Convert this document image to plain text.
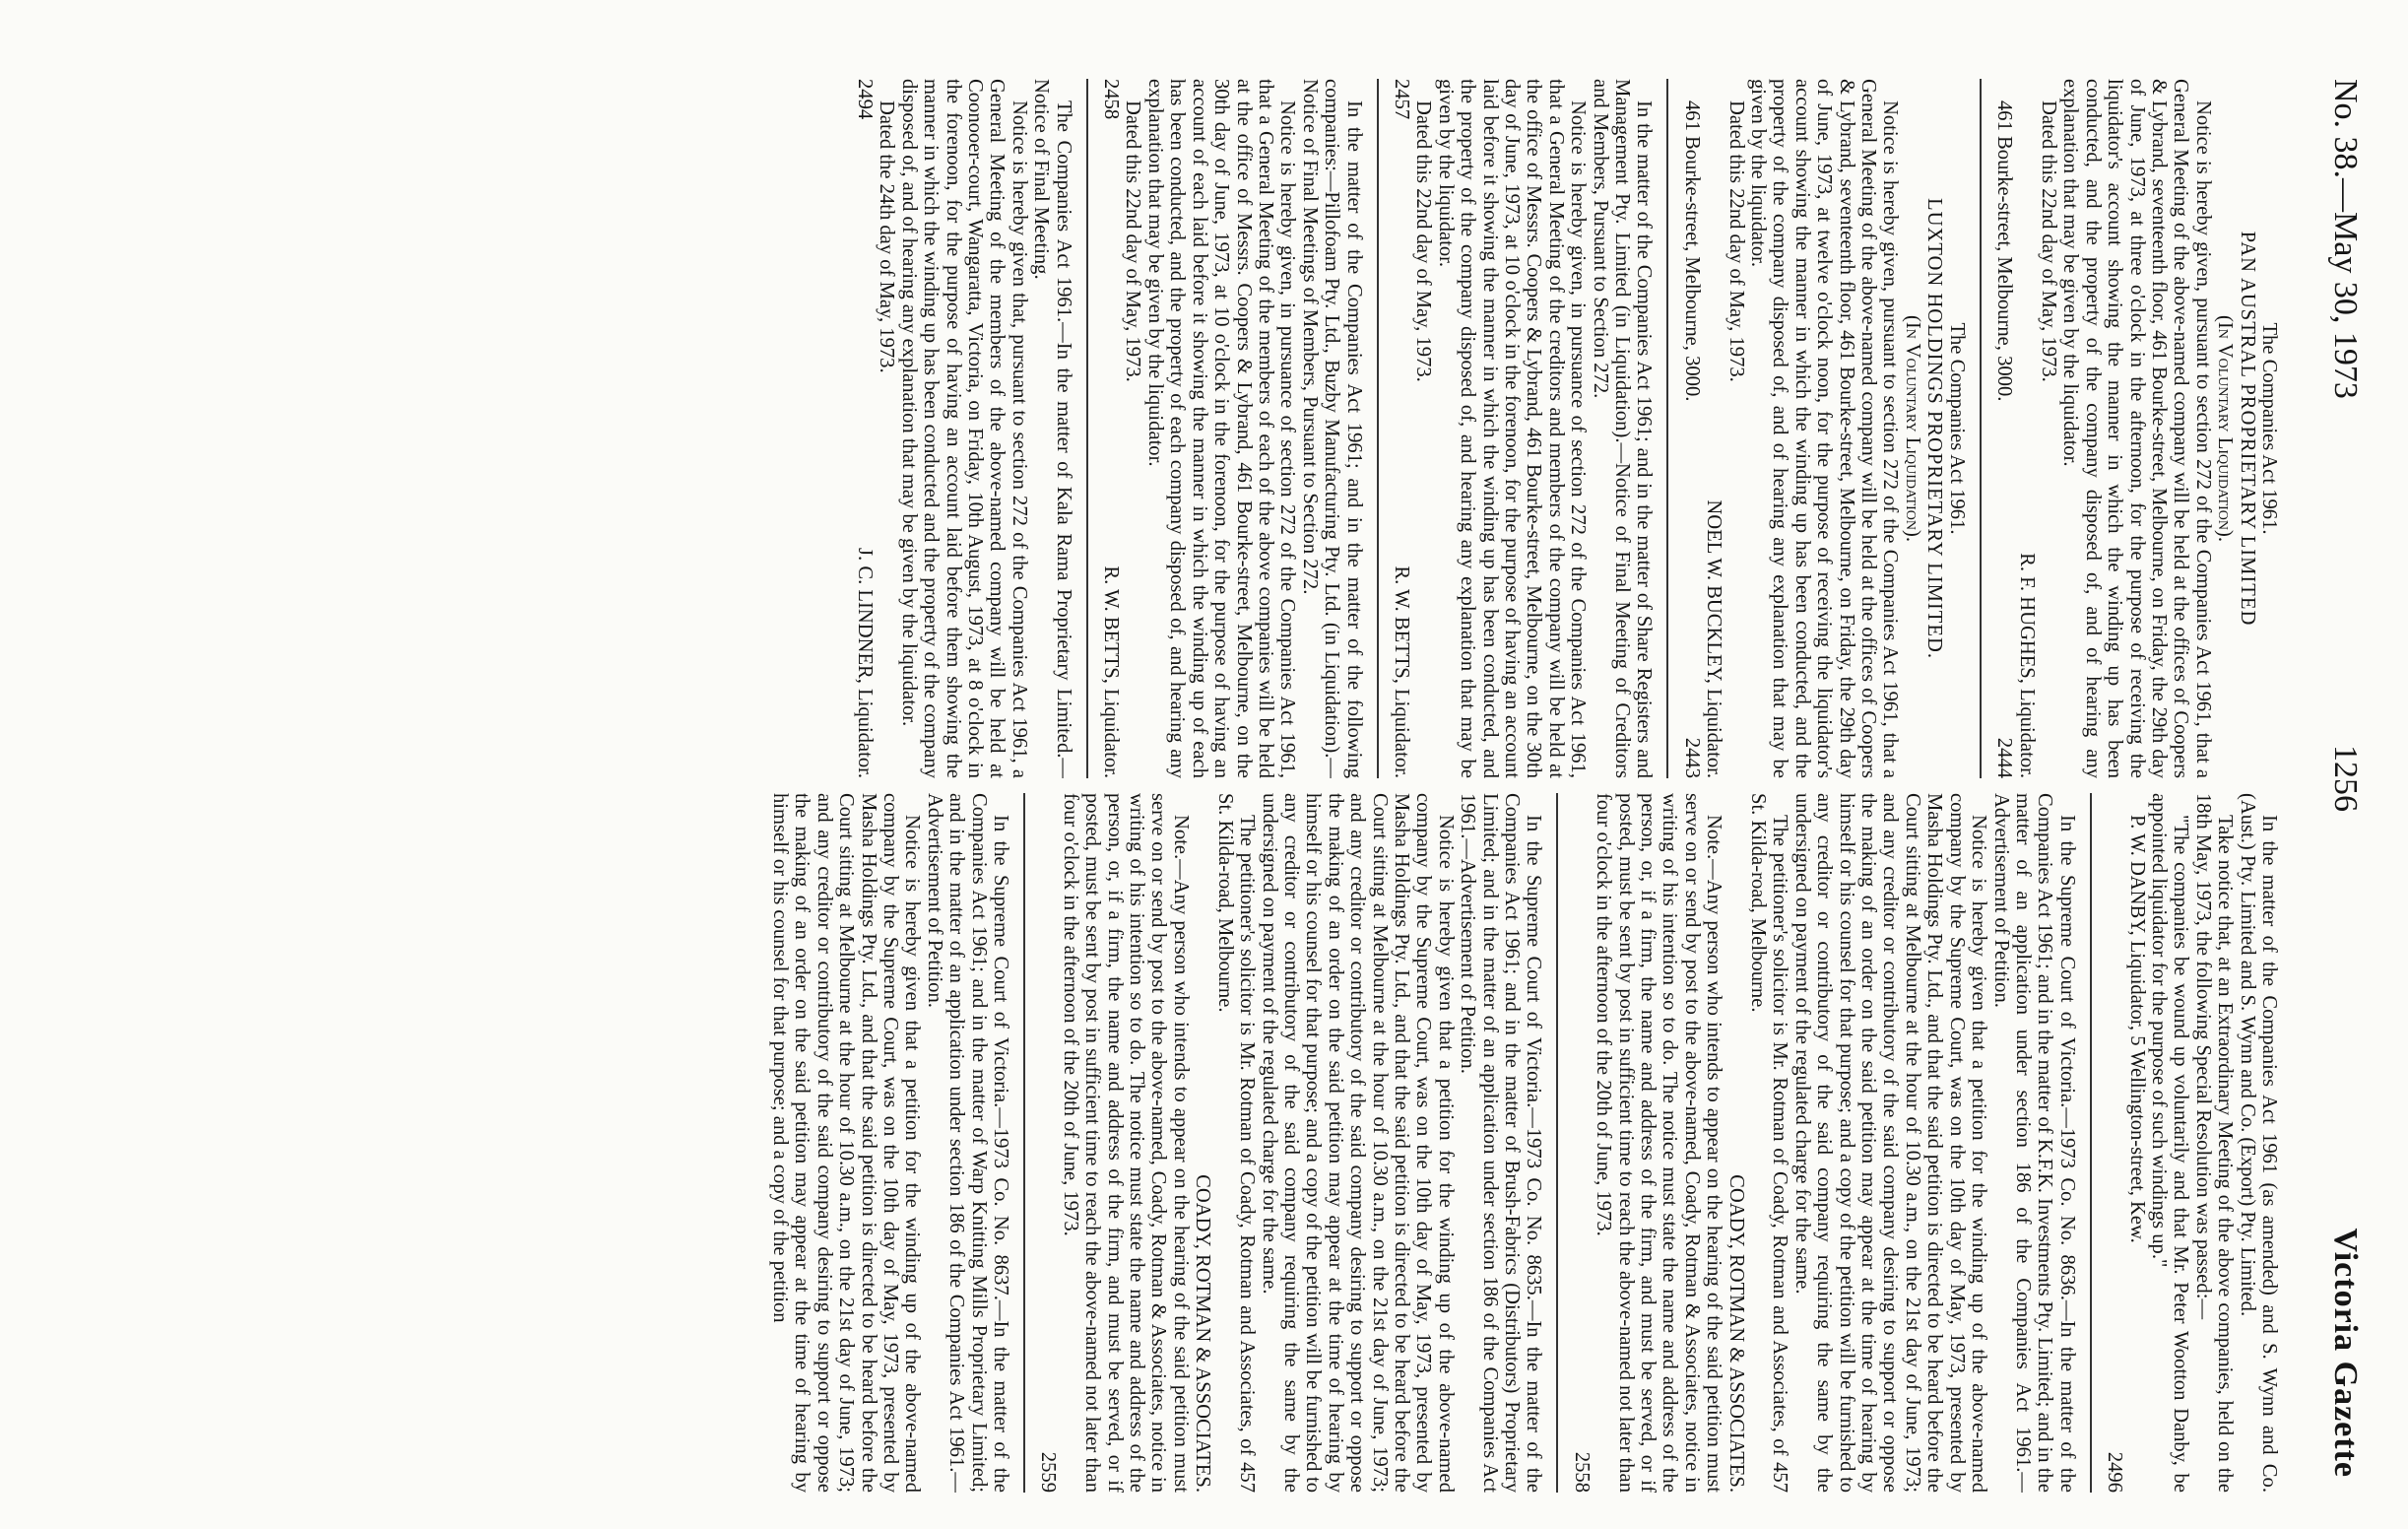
No. 38.—May 30, 1973
1256
Victoria Gazette

The Companies Act 1961.

PAN AUSTRAL PROPRIETARY LIMITED

(In Voluntary Liquidation).

Notice is hereby given, pursuant to section 272 of the Companies Act 1961, that a General Meeting of the above-named company will be held at the offices of Coopers & Lybrand, seventeenth floor, 461 Bourke-street, Melbourne, on Friday, the 29th day of June, 1973, at three o'clock in the afternoon, for the purpose of receiving the liquidator's account showing the manner in which the winding up has been conducted, and the property of the company disposed of, and of hearing any explanation that may be given by the liquidator.

Dated this 22nd day of May, 1973.

R. F. HUGHES, Liquidator.

461 Bourke-street, Melbourne, 3000.
2444

The Companies Act 1961.

LUXTON HOLDINGS PROPRIETARY LIMITED.

(In Voluntary Liquidation).

Notice is hereby given, pursuant to section 272 of the Companies Act 1961, that a General Meeting of the above-named company will be held at the offices of Coopers & Lybrand, seventeenth floor, 461 Bourke-street, Melbourne, on Friday, the 29th day of June, 1973, at twelve o'clock noon, for the purpose of receiving the liquidator's account showing the manner in which the winding up has been conducted, and the property of the company disposed of, and of hearing any explanation that may be given by the liquidator.

Dated this 22nd day of May, 1973.

NOEL W. BUCKLEY, Liquidator.

461 Bourke-street, Melbourne, 3000.
2443

In the matter of the Companies Act 1961; and in the matter of Share Registers and Management Pty. Limited (in Liquidation).—Notice of Final Meeting of Creditors and Members, Pursuant to Section 272.

Notice is hereby given, in pursuance of section 272 of the Companies Act 1961, that a General Meeting of the creditors and members of the company will be held at the office of Messrs. Coopers & Lybrand, 461 Bourke-street, Melbourne, on the 30th day of June, 1973, at 10 o'clock in the forenoon, for the purpose of having an account laid before it showing the manner in which the winding up has been conducted, and the property of the company disposed of, and hearing any explanation that may be given by the liquidator.

Dated this 22nd day of May, 1973.

2457
R. W. BETTS, Liquidator.

In the matter of the Companies Act 1961; and in the matter of the following companies:—Pillofoam Pty. Ltd., Buzby Manufacturing Pty. Ltd. (in Liquidation).—Notice of Final Meetings of Members, Pursuant to Section 272.

Notice is hereby given, in pursuance of section 272 of the Companies Act 1961, that a General Meeting of the members of each of the above companies will be held at the office of Messrs. Coopers & Lybrand, 461 Bourke-street, Melbourne, on the 30th day of June, 1973, at 10 o'clock in the forenoon, for the purpose of having an account of each laid before it showing the manner in which the winding up of each has been conducted, and the property of each company disposed of, and hearing any explanation that may be given by the liquidator.

Dated this 22nd day of May, 1973.

2458
R. W. BETTS, Liquidator.

The Companies Act 1961.—In the matter of Kala Rama Proprietary Limited.—Notice of Final Meeting.

Notice is hereby given that, pursuant to section 272 of the Companies Act 1961, a General Meeting of the members of the above-named company will be held at Coonooer-court, Wangaratta, Victoria, on Friday, 10th August, 1973, at 8 o'clock in the forenoon, for the purpose of having an account laid before them showing the manner in which the winding up has been conducted and the property of the company disposed of, and of hearing any explanation that may be given by the liquidator.

Dated the 24th day of May, 1973.

2494
J. C. LINDNER, Liquidator.

In the matter of the Companies Act 1961 (as amended) and S. Wynn and Co. (Aust.) Pty. Limited and S. Wynn and Co. (Export) Pty. Limited.

Take notice that, at an Extraordinary Meeting of the above companies, held on the 18th May, 1973, the following Special Resolution was passed:—

"The companies be wound up voluntarily and that Mr. Peter Wootton Danby, be appointed liquidator for the purpose of such windings up."

P. W. DANBY, Liquidator, 5 Wellington-street, Kew.

2496

In the Supreme Court of Victoria.—1973 Co. No. 8636.—In the matter of the Companies Act 1961; and in the matter of K.F.K. Investments Pty. Limited; and in the matter of an application under section 186 of the Companies Act 1961.—Advertisement of Petition.

Notice is hereby given that a petition for the winding up of the above-named company by the Supreme Court, was on the 10th day of May, 1973, presented by Masha Holdings Pty. Ltd., and that the said petition is directed to be heard before the Court sitting at Melbourne at the hour of 10.30 a.m., on the 21st day of June, 1973; and any creditor or contributory of the said company desiring to support or oppose the making of an order on the said petition may appear at the time of hearing by himself or his counsel for that purpose; and a copy of the petition will be furnished to any creditor or contributory of the said company requiring the same by the undersigned on payment of the regulated charge for the same.

The petitioner's solicitor is Mr. Rotman of Coady, Rotman and Associates, of 457 St. Kilda-road, Melbourne.

COADY, ROTMAN & ASSOCIATES.

Note.—Any person who intends to appear on the hearing of the said petition must serve on or send by post to the above-named, Coady, Rotman & Associates, notice in writing of his intention so to do. The notice must state the name and address of the person, or, if a firm, the name and address of the firm, and must be served, or if posted, must be sent by post in sufficient time to reach the above-named not later than four o'clock in the afternoon of the 20th of June, 1973.

2558

In the Supreme Court of Victoria.—1973 Co. No. 8635.—In the matter of the Companies Act 1961; and in the matter of Brush-Fabrics (Distributors) Proprietary Limited; and in the matter of an application under section 186 of the Companies Act 1961.—Advertisement of Petition.

Notice is hereby given that a petition for the winding up of the above-named company by the Supreme Court, was on the 10th day of May, 1973, presented by Masha Holdings Pty. Ltd., and that the said petition is directed to be heard before the Court sitting at Melbourne at the hour of 10.30 a.m., on the 21st day of June, 1973; and any creditor or contributory of the said company desiring to support or oppose the making of an order on the said petition may appear at the time of hearing by himself or his counsel for that purpose; and a copy of the petition will be furnished to any creditor or contributory of the said company requiring the same by the undersigned on payment of the regulated charge for the same.

The petitioner's solicitor is Mr. Rotman of Coady, Rotman and Associates, of 457 St. Kilda-road, Melbourne.

COADY, ROTMAN & ASSOCIATES.

Note.—Any person who intends to appear on the hearing of the said petition must serve on or send by post to the above-named, Coady, Rotman & Associates, notice in writing of his intention so to do. The notice must state the name and address of the person, or, if a firm, the name and address of the firm, and must be served, or if posted, must be sent by post in sufficient time to reach the above-named not later than four o'clock in the afternoon of the 20th of June, 1973.

2559

In the Supreme Court of Victoria.—1973 Co. No. 8637.—In the matter of the Companies Act 1961; and in the matter of Warp Knitting Mills Proprietary Limited; and in the matter of an application under section 186 of the Companies Act 1961.—Advertisement of Petition.

Notice is hereby given that a petition for the winding up of the above-named company by the Supreme Court, was on the 10th day of May, 1973, presented by Masha Holdings Pty. Ltd., and that the said petition is directed to be heard before the Court sitting at Melbourne at the hour of 10.30 a.m., on the 21st day of June, 1973; and any creditor or contributory of the said company desiring to support or oppose the making of an order on the said petition may appear at the time of hearing by himself or his counsel for that purpose; and a copy of the petition
